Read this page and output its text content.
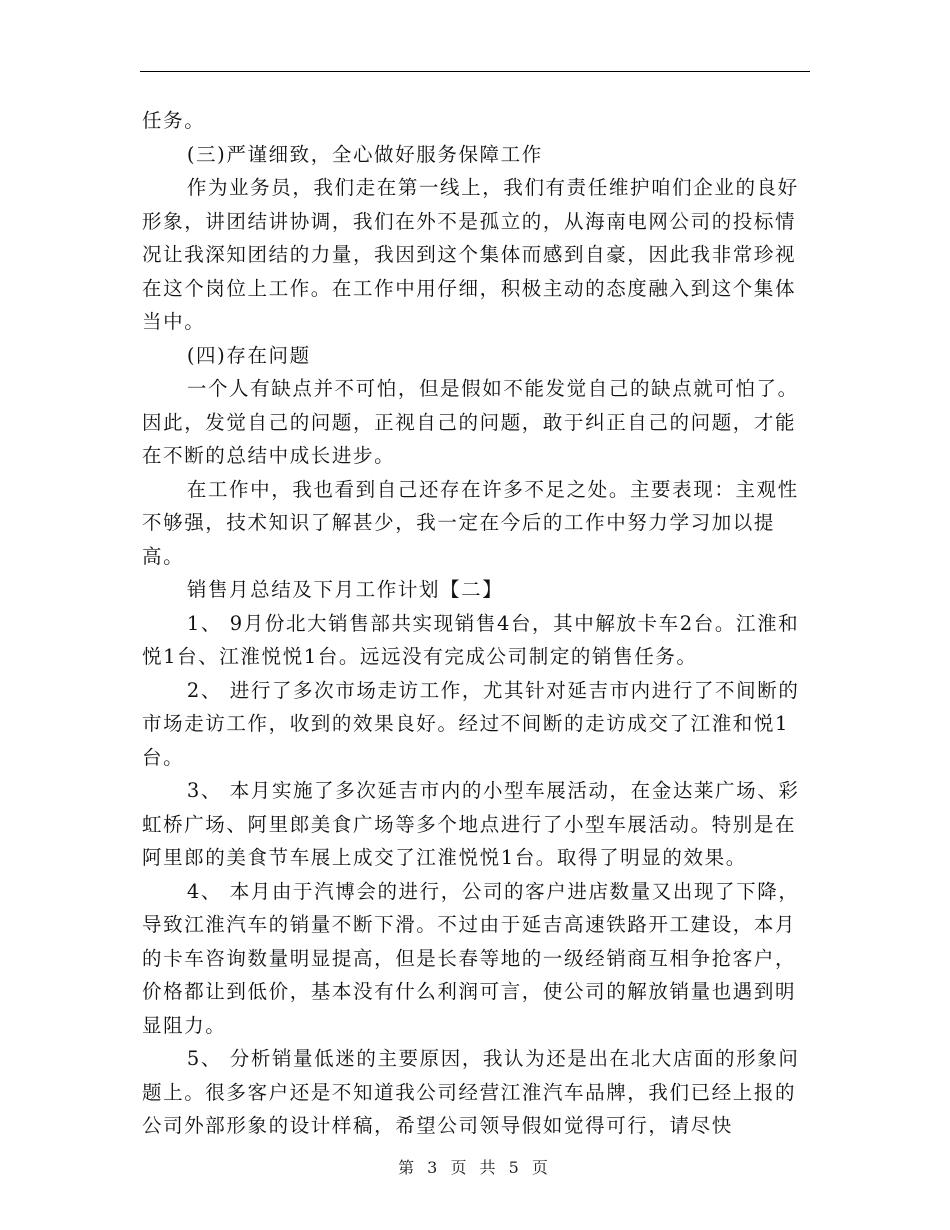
任务。

(三)严谨细致，全心做好服务保障工作

作为业务员，我们走在第一线上，我们有责任维护咱们企业的良好形象，讲团结讲协调，我们在外不是孤立的，从海南电网公司的投标情况让我深知团结的力量，我因到这个集体而感到自豪，因此我非常珍视在这个岗位上工作。在工作中用仔细，积极主动的态度融入到这个集体当中。

(四)存在问题

一个人有缺点并不可怕，但是假如不能发觉自己的缺点就可怕了。因此，发觉自己的问题，正视自己的问题，敢于纠正自己的问题，才能在不断的总结中成长进步。

在工作中，我也看到自己还存在许多不足之处。主要表现：主观性不够强，技术知识了解甚少，我一定在今后的工作中努力学习加以提高。

销售月总结及下月工作计划【二】

1、 9月份北大销售部共实现销售4台，其中解放卡车2台。江淮和悦1台、江淮悦悦1台。远远没有完成公司制定的销售任务。

2、 进行了多次市场走访工作，尤其针对延吉市内进行了不间断的市场走访工作，收到的效果良好。经过不间断的走访成交了江淮和悦1台。

3、 本月实施了多次延吉市内的小型车展活动，在金达莱广场、彩虹桥广场、阿里郎美食广场等多个地点进行了小型车展活动。特别是在阿里郎的美食节车展上成交了江淮悦悦1台。取得了明显的效果。

4、 本月由于汽博会的进行，公司的客户进店数量又出现了下降，导致江淮汽车的销量不断下滑。不过由于延吉高速铁路开工建设，本月的卡车咨询数量明显提高，但是长春等地的一级经销商互相争抢客户，价格都让到低价，基本没有什么利润可言，使公司的解放销量也遇到明显阻力。

5、 分析销量低迷的主要原因，我认为还是出在北大店面的形象问题上。很多客户还是不知道我公司经营江淮汽车品牌，我们已经上报的公司外部形象的设计样稿，希望公司领导假如觉得可行，请尽快

第 3 页 共 5 页
